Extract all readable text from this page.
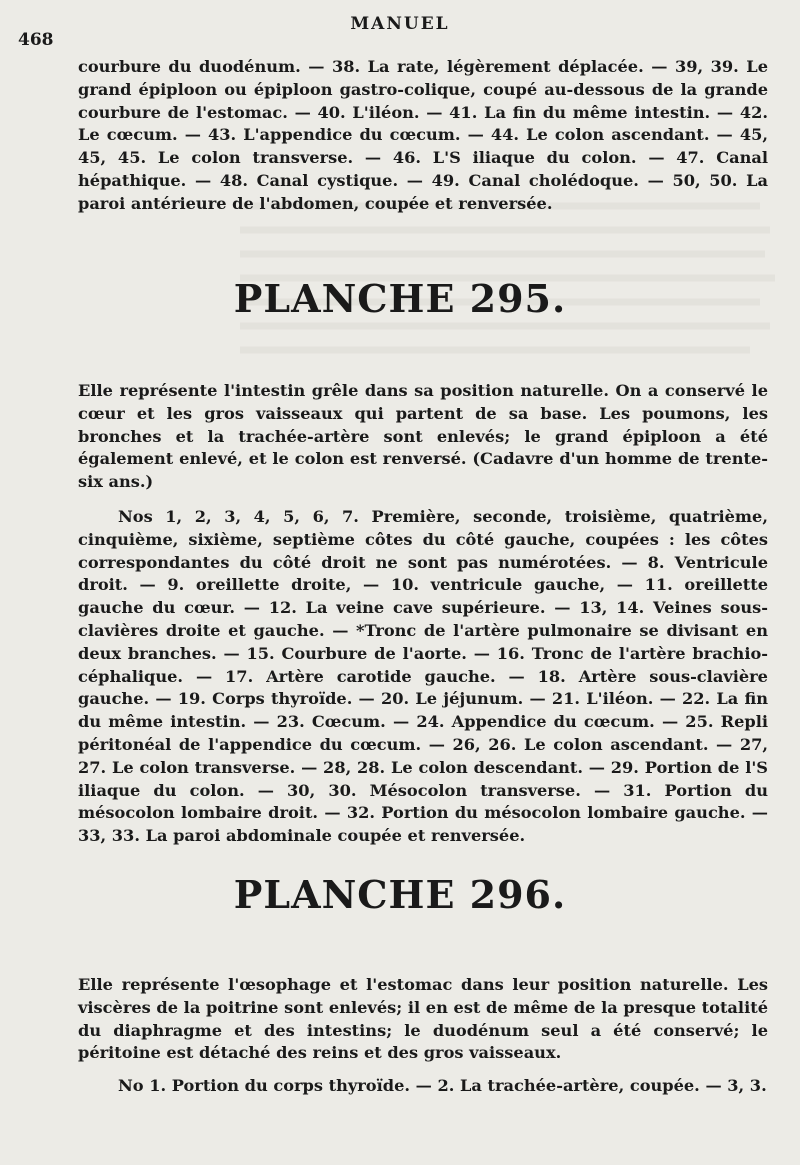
468
MANUEL

courbure du duodénum. — 38. La rate, légèrement déplacée. — 39, 39. Le grand épiploon ou épiploon gastro-colique, coupé au-dessous de la grande courbure de l'estomac. — 40. L'iléon. — 41. La fin du même intestin. — 42. Le cœcum. — 43. L'appendice du cœcum. — 44. Le colon ascendant. — 45, 45, 45. Le colon transverse. — 46. L'S iliaque du colon. — 47. Canal hépathique. — 48. Canal cystique. — 49. Canal cholédoque. — 50, 50. La paroi antérieure de l'abdomen, coupée et renversée.

PLANCHE 295.

Elle représente l'intestin grêle dans sa position naturelle. On a conservé le cœur et les gros vaisseaux qui partent de sa base. Les poumons, les bronches et la trachée-artère sont enlevés; le grand épiploon a été également enlevé, et le colon est renversé. (Cadavre d'un homme de trente-six ans.)

Nos 1, 2, 3, 4, 5, 6, 7. Première, seconde, troisième, quatrième, cinquième, sixième, septième côtes du côté gauche, coupées : les côtes correspondantes du côté droit ne sont pas numérotées. — 8. Ventricule droit. — 9. oreillette droite, — 10. ventricule gauche, — 11. oreillette gauche du cœur. — 12. La veine cave supérieure. — 13, 14. Veines sous-clavières droite et gauche. — *Tronc de l'artère pulmonaire se divisant en deux branches. — 15. Courbure de l'aorte. — 16. Tronc de l'artère brachio-céphalique. — 17. Artère carotide gauche. — 18. Artère sous-clavière gauche. — 19. Corps thyroïde. — 20. Le jéjunum. — 21. L'iléon. — 22. La fin du même intestin. — 23. Cœcum. — 24. Appendice du cœcum. — 25. Repli péritonéal de l'appendice du cœcum. — 26, 26. Le colon ascendant. — 27, 27. Le colon transverse. — 28, 28. Le colon descendant. — 29. Portion de l'S iliaque du colon. — 30, 30. Mésocolon transverse. — 31. Portion du mésocolon lombaire droit. — 32. Portion du mésocolon lombaire gauche. — 33, 33. La paroi abdominale coupée et renversée.

PLANCHE 296.

Elle représente l'œsophage et l'estomac dans leur position naturelle. Les viscères de la poitrine sont enlevés; il en est de même de la presque totalité du diaphragme et des intestins; le duodénum seul a été conservé; le péritoine est détaché des reins et des gros vaisseaux.

No 1. Portion du corps thyroïde. — 2. La trachée-artère, coupée. — 3, 3.
